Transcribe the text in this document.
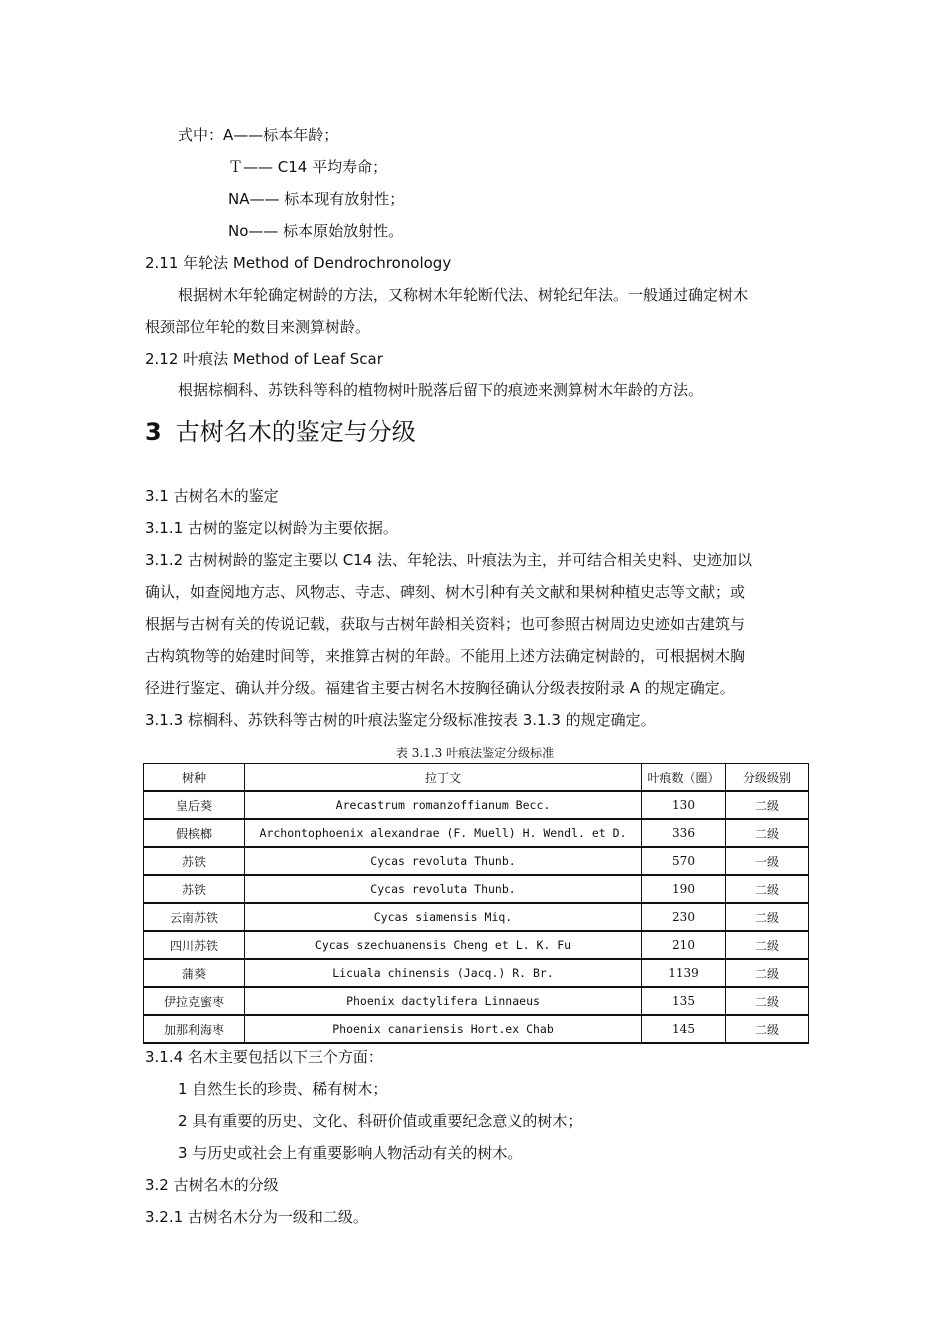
式中：A——标本年龄；
Ｔ—— C14 平均寿命；
NA—— 标本现有放射性；
No—— 标本原始放射性。
2.11 年轮法 Method of Dendrochronology
根据树木年轮确定树龄的方法，又称树木年轮断代法、树轮纪年法。一般通过确定树木
根颈部位年轮的数目来测算树龄。
2.12 叶痕法 Method of Leaf Scar
根据棕榈科、苏铁科等科的植物树叶脱落后留下的痕迹来测算树木年龄的方法。
3 古树名木的鉴定与分级
3.1 古树名木的鉴定
3.1.1 古树的鉴定以树龄为主要依据。
3.1.2 古树树龄的鉴定主要以 C14 法、年轮法、叶痕法为主，并可结合相关史料、史迹加以
确认，如查阅地方志、风物志、寺志、碑刻、树木引种有关文献和果树种植史志等文献；或
根据与古树有关的传说记载，获取与古树年龄相关资料；也可参照古树周边史迹如古建筑与
古构筑物等的始建时间等，来推算古树的年龄。不能用上述方法确定树龄的，可根据树木胸
径进行鉴定、确认并分级。福建省主要古树名木按胸径确认分级表按附录 A 的规定确定。
3.1.3 棕榈科、苏铁科等古树的叶痕法鉴定分级标准按表 3.1.3 的规定确定。
表 3.1.3 叶痕法鉴定分级标准
树种	拉丁文	叶痕数（圈）	分级级别
皇后葵	Arecastrum romanzoffianum Becc.	130	二级
假槟榔	Archontophoenix alexandrae (F. Muell) H. Wendl. et D.	336	二级
苏铁	Cycas revoluta Thunb.	570	一级
苏铁	Cycas revoluta Thunb.	190	二级
云南苏铁	Cycas siamensis Miq.	230	二级
四川苏铁	Cycas szechuanensis Cheng et L. K. Fu	210	二级
蒲葵	Licuala chinensis (Jacq.) R. Br.	1139	二级
伊拉克蜜枣	Phoenix dactylifera Linnaeus	135	二级
加那利海枣	Phoenix canariensis Hort.ex Chab	145	二级
3.1.4 名木主要包括以下三个方面：
1 自然生长的珍贵、稀有树木；
2 具有重要的历史、文化、科研价值或重要纪念意义的树木；
3 与历史或社会上有重要影响人物活动有关的树木。
3.2 古树名木的分级
3.2.1 古树名木分为一级和二级。
